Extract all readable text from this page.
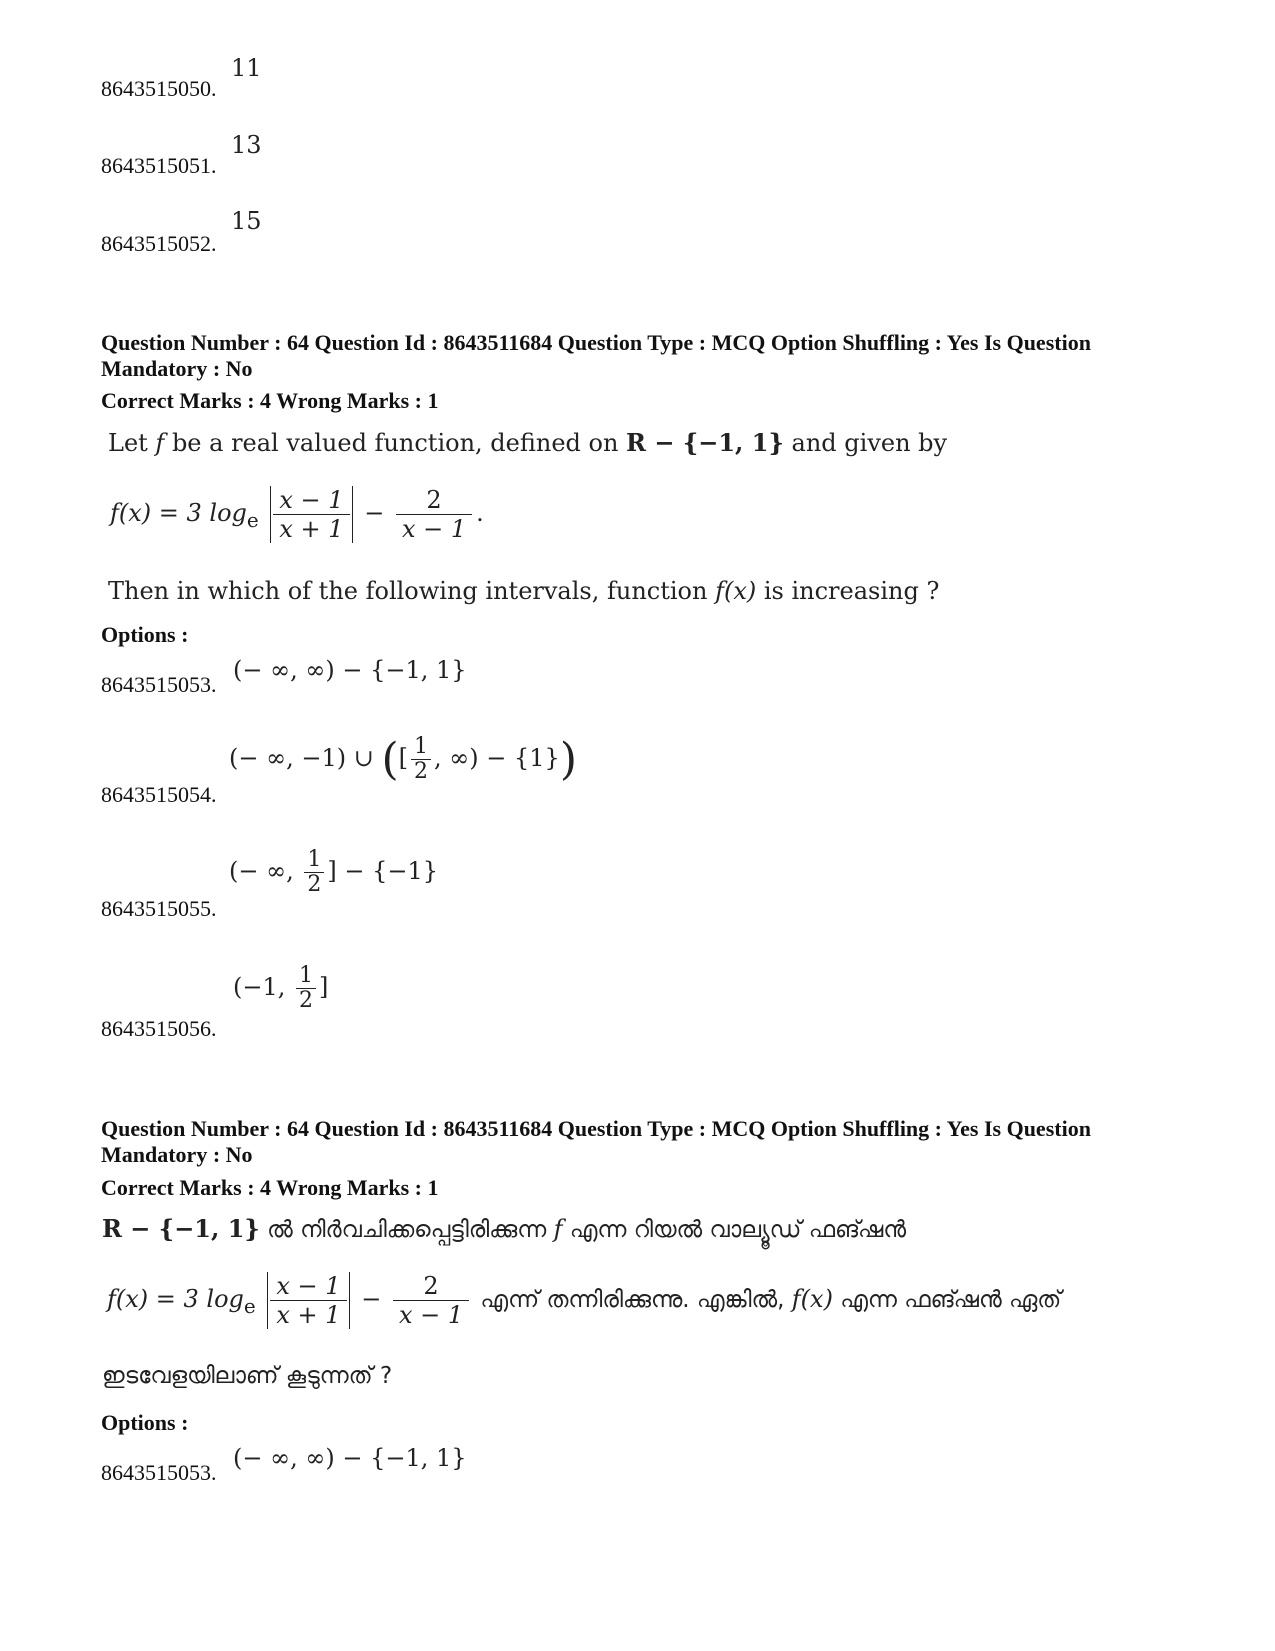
8643515050.
11
8643515051.
13
8643515052.
15
Question Number : 64 Question Id : 8643511684 Question Type : MCQ Option Shuffling : Yes Is Question Mandatory : No
Correct Marks : 4 Wrong Marks : 1
Let f be a real valued function, defined on R − {−1, 1} and given by
f(x) = 3 $\log_e \frac{x - 1}{x + 1} - \frac{2}{x - 1}$ .
Then in which of the following intervals, function f(x) is increasing ?
Options :
8643515053.
(− ∞, ∞) − {−1, 1}
8643515054.
(− ∞, −1) ∪ ([ $\frac{1}{2}$ , ∞) − {1})
8643515055.
(− ∞, $\frac{1}{2}$ ] − {−1}
8643515056.
(−1, $\frac{1}{2}$ ]
Question Number : 64 Question Id : 8643511684 Question Type : MCQ Option Shuffling : Yes Is Question Mandatory : No
Correct Marks : 4 Wrong Marks : 1
R − {−1, 1} ൽ നിർവചിക്കപ്പെട്ടിരിക്കുന്ന f എന്ന റിയൽ വാല്യൂഡ് ഫങ്ഷൻ
f(x) = 3 $\log_e \frac{x - 1}{x + 1} - \frac{2}{x - 1}$ എന്ന് തന്നിരിക്കുന്നു. എങ്കിൽ, f(x) എന്ന ഫങ്ഷൻ ഏത്
ഇടവേളയിലാണ് കൂടുന്നത് ?
Options :
8643515053.
(− ∞, ∞) − {−1, 1}
